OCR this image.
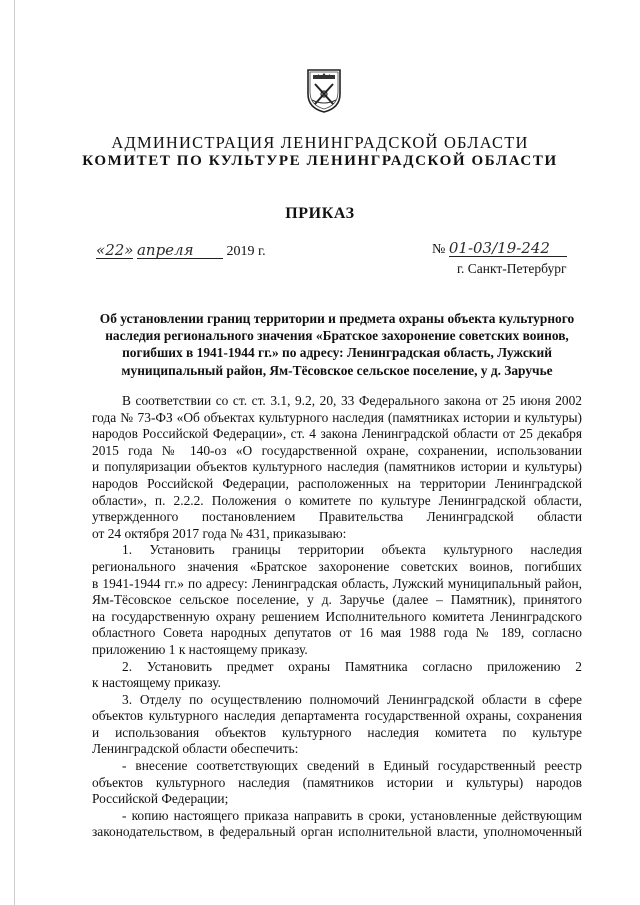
АДМИНИСТРАЦИЯ ЛЕНИНГРАДСКОЙ ОБЛАСТИ
КОМИТЕТ ПО КУЛЬТУРЕ ЛЕНИНГРАДСКОЙ ОБЛАСТИ
ПРИКАЗ
«22» апреля 2019 г.	№ 01-03/19-242
г. Санкт-Петербург
Об установлении границ территории и предмета охраны объекта культурного
наследия регионального значения «Братское захоронение советских воинов,
погибших в 1941-1944 гг.» по адресу: Ленинградская область, Лужский
муниципальный район, Ям-Тёсовское сельское поселение, у д. Заручье
В соответствии со ст. ст. 3.1, 9.2, 20, 33 Федерального закона от 25 июня 2002
года № 73-ФЗ «Об объектах культурного наследия (памятниках истории и культуры)
народов Российской Федерации», ст. 4 закона Ленинградской области от 25 декабря
2015 года № 140-оз «О государственной охране, сохранении, использовании
и популяризации объектов культурного наследия (памятников истории и культуры)
народов Российской Федерации, расположенных на территории Ленинградской
области», п. 2.2.2. Положения о комитете по культуре Ленинградской области,
утвержденного постановлением Правительства Ленинградской области
от 24 октября 2017 года № 431, приказываю:
1. Установить границы территории объекта культурного наследия
регионального значения «Братское захоронение советских воинов, погибших
в 1941-1944 гг.» по адресу: Ленинградская область, Лужский муниципальный район,
Ям-Тёсовское сельское поселение, у д. Заручье (далее – Памятник), принятого
на государственную охрану решением Исполнительного комитета Ленинградского
областного Совета народных депутатов от 16 мая 1988 года № 189, согласно
приложению 1 к настоящему приказу.
2. Установить предмет охраны Памятника согласно приложению 2
к настоящему приказу.
3. Отделу по осуществлению полномочий Ленинградской области в сфере
объектов культурного наследия департамента государственной охраны, сохранения
и использования объектов культурного наследия комитета по культуре
Ленинградской области обеспечить:
- внесение соответствующих сведений в Единый государственный реестр
объектов культурного наследия (памятников истории и культуры) народов
Российской Федерации;
- копию настоящего приказа направить в сроки, установленные действующим
законодательством, в федеральный орган исполнительной власти, уполномоченный
